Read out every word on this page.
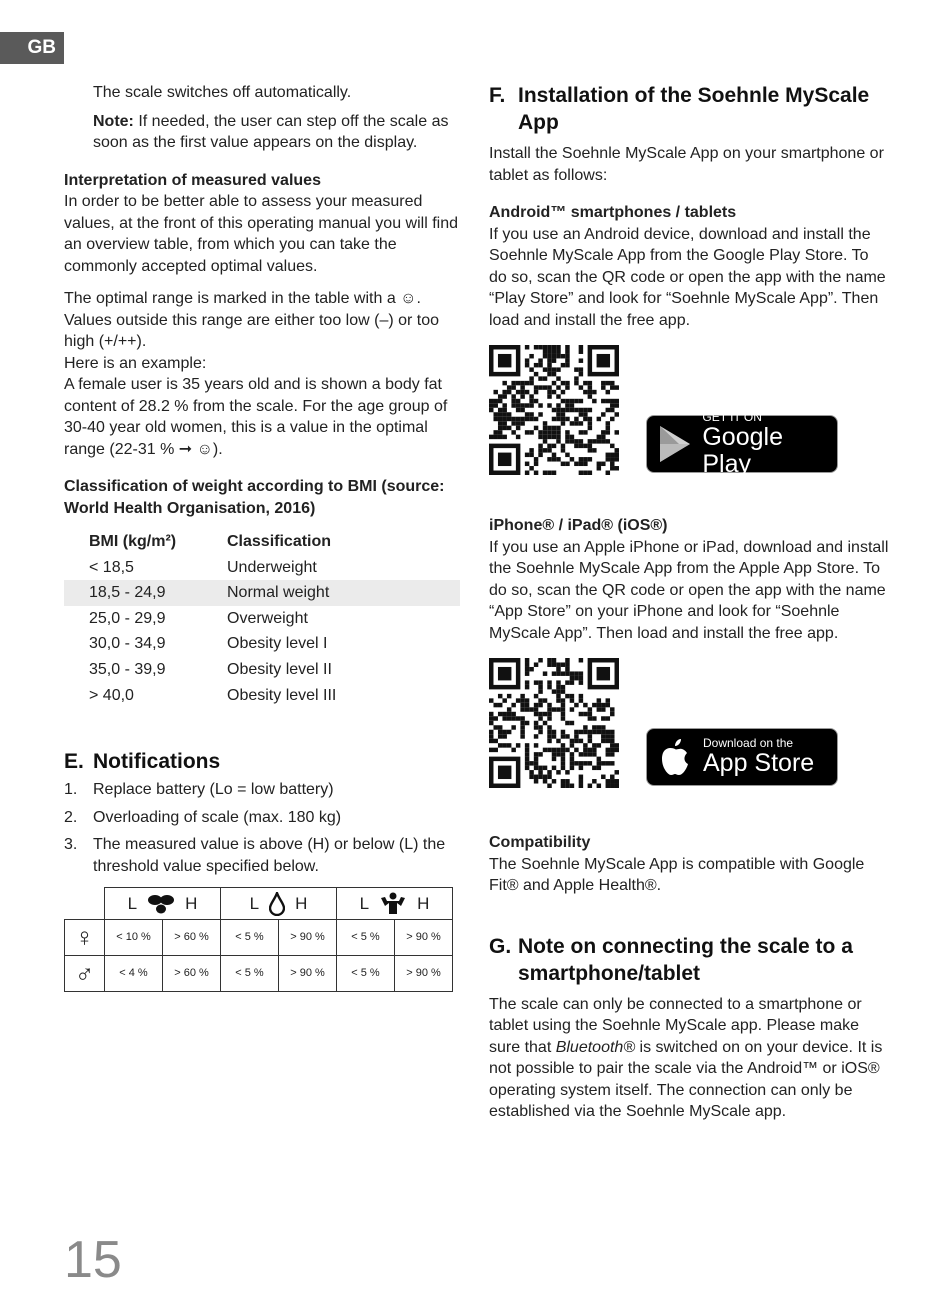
GB

The scale switches off automatically.

Note: If needed, the user can step off the scale as soon as the first value appears on the display.

Interpretation of measured values

In order to be better able to assess your measured values, at the front of this operating manual you will find an overview table, from which you can take the commonly accepted optimal values.

The optimal range is marked in the table with a ☺. Values outside this range are either too low (–) or too high (+/++).

Here is an example:

A female user is 35 years old and is shown a body fat content of 28.2 % from the scale. For the age group of 30-40 year old women, this is a value in the optimal range (22-31 % ➞ ☺).

Classification of weight according to BMI (source: World Health Organisation, 2016)

BMI (kg/m²)	Classification
< 18,5	Underweight
18,5 - 24,9	Normal weight
25,0 - 29,9	Overweight
30,0 - 34,9	Obesity level I
35,0 - 39,9	Obesity level II
> 40,0	Obesity level III
E. Notifications
1. Replace battery (Lo = low battery)
2. Overloading of scale (max. 180 kg)
3. The measured value is above (H) or below (L) the threshold value specified below.

	L H		L H		L H	

♀	< 10 %	> 60 %	< 5 %	> 90 %	< 5 %	> 90 %
♂	< 4 %	> 60 %	< 5 %	> 90 %	< 5 %	> 90 %
F. Installation of the Soehnle MyScale App

Install the Soehnle MyScale App on your smartphone or tablet as follows:

Android™ smartphones / tablets

If you use an Android device, download and install the Soehnle MyScale App from the Google Play Store. To do so, scan the QR code or open the app with the name “Play Store” and look for “Soehnle MyScale App”. Then load and install the free app.

GET IT ON
Google Play

iPhone® / iPad® (iOS®)

If you use an Apple iPhone or iPad, download and install the Soehnle MyScale App from the Apple App Store. To do so, scan the QR code or open the app with the name “App Store” on your iPhone and look for “Soehnle MyScale App”. Then load and install the free app.

Download on the
App Store

Compatibility

The Soehnle MyScale App is compatible with Google Fit® and Apple Health®.

G. Note on connecting the scale to a smartphone/tablet

The scale can only be connected to a smartphone or tablet using the Soehnle MyScale app. Please make sure that Bluetooth® is switched on on your device. It is not possible to pair the scale via the Android™ or iOS® operating system itself. The connection can only be established via the Soehnle MyScale app.

15
